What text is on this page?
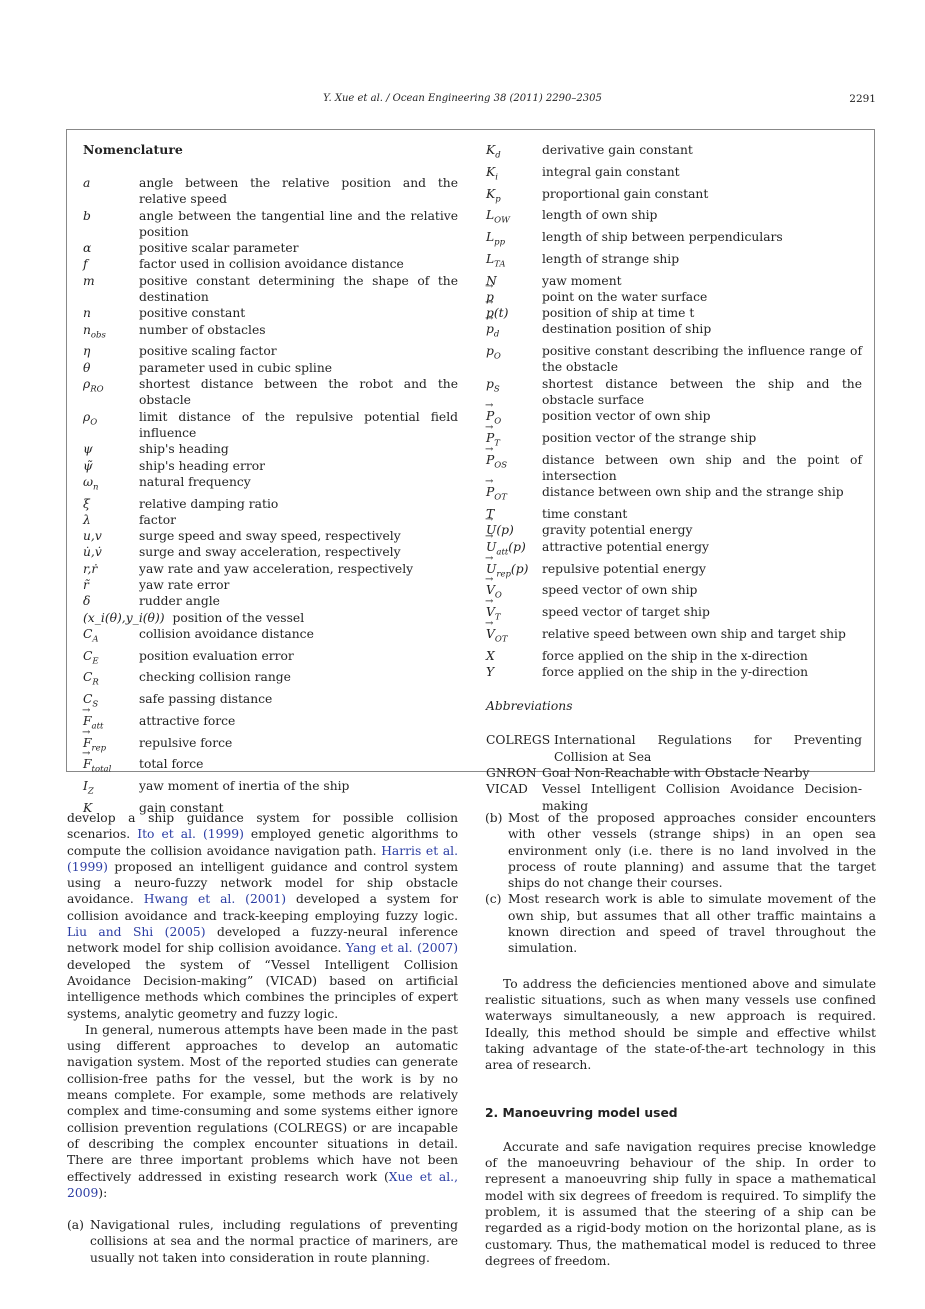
Y. Xue et al. / Ocean Engineering 38 (2011) 2290–2305	2291
Nomenclature
a	angle between the relative position and the relative speed
b	angle between the tangential line and the relative position
α	positive scalar parameter
f	factor used in collision avoidance distance
m	positive constant determining the shape of the destination
n	positive constant
$n_{obs}$	number of obstacles
η	positive scaling factor
θ	parameter used in cubic spline
$\rho_{RO}$	shortest distance between the robot and the obstacle
$\rho_O$	limit distance of the repulsive potential field influence
ψ	ship's heading
ψ̃	ship's heading error
$\omega_n$	natural frequency
ξ	relative damping ratio
λ	factor
u,v	surge speed and sway speed, respectively
u̇,v̇	surge and sway acceleration, respectively
r,ṙ	yaw rate and yaw acceleration, respectively
r̃	yaw rate error
δ	rudder angle
(x_i(θ),y_i(θ)) position of the vessel
$C_A$	collision avoidance distance
$C_E$	position evaluation error
$C_R$	checking collision range
$C_S$	safe passing distance
→ $F_{att}$	attractive force
→ $F_{rep}$	repulsive force
→ $F_{total}$	total force
$I_Z$	yaw moment of inertia of the ship
K	gain constant
$K_d$	derivative gain constant
$K_i$	integral gain constant
$K_p$	proportional gain constant
$L_{OW}$	length of own ship
$L_{pp}$	length of ship between perpendiculars
$L_{TA}$	length of strange ship
N	yaw moment
→ p	point on the water surface
→ p(t)	position of ship at time t
→ $p_d$	destination position of ship
$p_O$	positive constant describing the influence range of the obstacle
$p_S$	shortest distance between the ship and the obstacle surface
→ $P_O$	position vector of own ship
→ $P_T$	position vector of the strange ship
→ $P_{OS}$	distance between own ship and the point of intersection
→ $P_{OT}$	distance between own ship and the strange ship
T	time constant
→ U(p)	gravity potential energy
→ $U_{att}(p)$	attractive potential energy
→ $U_{rep}(p)$	repulsive potential energy
→ $V_O$	speed vector of own ship
→ $V_T$	speed vector of target ship
→ $V_{OT}$	relative speed between own ship and target ship
X	force applied on the ship in the x-direction
Y	force applied on the ship in the y-direction
Abbreviations
COLREGS International Regulations for Preventing Collision at Sea
GNRON Goal Non-Reachable with Obstacle Nearby
VICAD	Vessel Intelligent Collision Avoidance Decision-making

develop a ship guidance system for possible collision scenarios. Ito et al. (1999) employed genetic algorithms to compute the collision avoidance navigation path. Harris et al. (1999) proposed an intelligent guidance and control system using a neuro-fuzzy network model for ship obstacle avoidance. Hwang et al. (2001) developed a system for collision avoidance and track-keeping employing fuzzy logic. Liu and Shi (2005) developed a fuzzy-neural inference network model for ship collision avoidance. Yang et al. (2007) developed the system of “Vessel Intelligent Collision Avoidance Decision-making” (VICAD) based on artificial intelligence methods which combines the principles of expert systems, analytic geometry and fuzzy logic.

In general, numerous attempts have been made in the past using different approaches to develop an automatic navigation system. Most of the reported studies can generate collision-free paths for the vessel, but the work is by no means complete. For example, some methods are relatively complex and time-consuming and some systems either ignore collision prevention regulations (COLREGS) or are incapable of describing the complex encounter situations in detail. There are three important problems which have not been effectively addressed in existing research work (Xue et al., 2009):

(a) Navigational rules, including regulations of preventing collisions at sea and the normal practice of mariners, are usually not taken into consideration in route planning.
(b) Most of the proposed approaches consider encounters with other vessels (strange ships) in an open sea environment only (i.e. there is no land involved in the process of route planning) and assume that the target ships do not change their courses.
(c) Most research work is able to simulate movement of the own ship, but assumes that all other traffic maintains a known direction and speed of travel throughout the simulation.

To address the deficiencies mentioned above and simulate realistic situations, such as when many vessels use confined waterways simultaneously, a new approach is required. Ideally, this method should be simple and effective whilst taking advantage of the state-of-the-art technology in this area of research.

2. Manoeuvring model used

Accurate and safe navigation requires precise knowledge of the manoeuvring behaviour of the ship. In order to represent a manoeuvring ship fully in space a mathematical model with six degrees of freedom is required. To simplify the problem, it is assumed that the steering of a ship can be regarded as a rigid-body motion on the horizontal plane, as is customary. Thus, the mathematical model is reduced to three degrees of freedom.
